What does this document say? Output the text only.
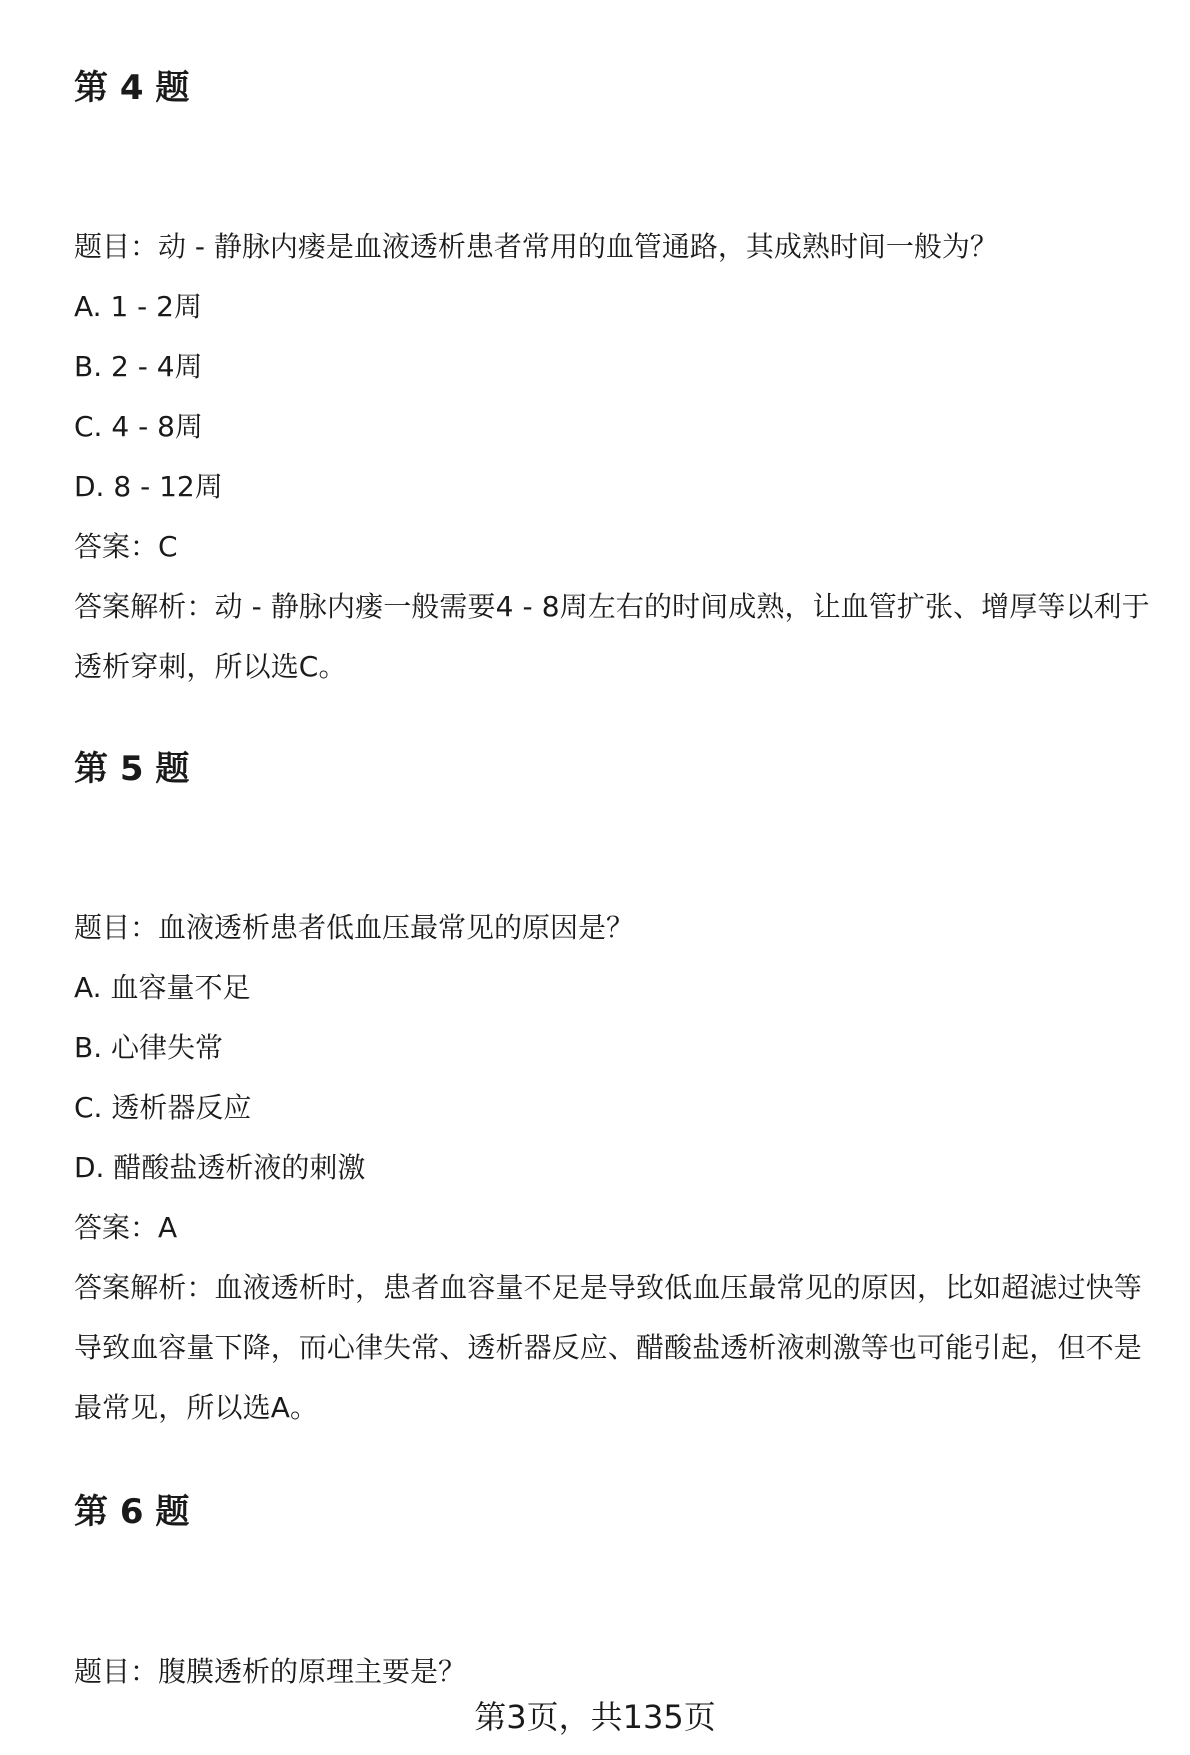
第 4 题

题目：动 - 静脉内瘘是血液透析患者常用的血管通路，其成熟时间一般为？

A. 1 - 2周

B. 2 - 4周

C. 4 - 8周

D. 8 - 12周

答案：C

答案解析：动 - 静脉内瘘一般需要4 - 8周左右的时间成熟，让血管扩张、增厚等以利于透析穿刺，所以选C。

第 5 题

题目：血液透析患者低血压最常见的原因是？

A. 血容量不足

B. 心律失常

C. 透析器反应

D. 醋酸盐透析液的刺激

答案：A

答案解析：血液透析时，患者血容量不足是导致低血压最常见的原因，比如超滤过快等导致血容量下降，而心律失常、透析器反应、醋酸盐透析液刺激等也可能引起，但不是最常见，所以选A。

第 6 题

题目：腹膜透析的原理主要是？

第3页，共135页
